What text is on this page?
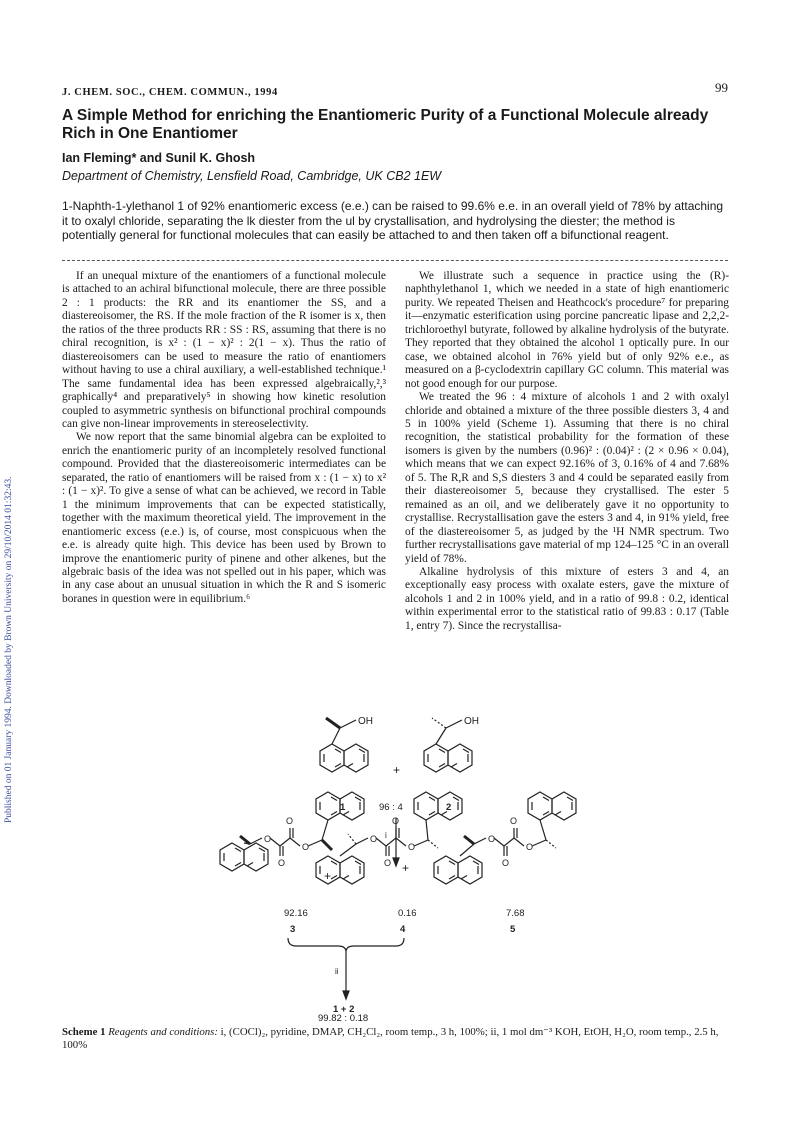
Published on 01 January 1994. Downloaded by Brown University on 29/10/2014 01:32:43.
J. CHEM. SOC., CHEM. COMMUN., 1994	99
A Simple Method for enriching the Enantiomeric Purity of a Functional Molecule already Rich in One Enantiomer
Ian Fleming* and Sunil K. Ghosh
Department of Chemistry, Lensfield Road, Cambridge, UK CB2 1EW
1-Naphth-1-ylethanol 1 of 92% enantiomeric excess (e.e.) can be raised to 99.6% e.e. in an overall yield of 78% by attaching it to oxalyl chloride, separating the lk diester from the ul by crystallisation, and hydrolysing the diester; the method is potentially general for functional molecules that can easily be attached to and then taken off a bifunctional reagent.

If an unequal mixture of the enantiomers of a functional molecule is attached to an achiral bifunctional molecule, there are three possible 2 : 1 products: the RR and its enantiomer the SS, and a diastereoisomer, the RS. If the mole fraction of the R isomer is x, then the ratios of the three products RR : SS : RS, assuming that there is no chiral recognition, is x² : (1 − x)² : 2(1 − x). Thus the ratio of diastereoisomers can be used to measure the ratio of enantiomers without having to use a chiral auxiliary, a well-established technique.¹ The same fundamental idea has been expressed algebraically,²,³ graphically⁴ and preparatively⁵ in showing how kinetic resolution coupled to asymmetric synthesis on bifunctional prochiral compounds can give non-linear improvements in stereoselectivity.

We now report that the same binomial algebra can be exploited to enrich the enantiomeric purity of an incompletely resolved functional compound. Provided that the diastereoisomeric intermediates can be separated, the ratio of enantiomers will be raised from x : (1 − x) to x² : (1 − x)². To give a sense of what can be achieved, we record in Table 1 the minimum improvements that can be expected statistically, together with the maximum theoretical yield. The improvement in the enantiomeric excess (e.e.) is, of course, most conspicuous when the e.e. is already quite high. This device has been used by Brown to improve the enantiomeric purity of pinene and other alkenes, but the algebraic basis of the idea was not spelled out in his paper, which was in any case about an unusual situation in which the R and S isomeric boranes in question were in equilibrium.⁶

We illustrate such a sequence in practice using the (R)-naphthylethanol 1, which we needed in a state of high enantiomeric purity. We repeated Theisen and Heathcock's procedure⁷ for preparing it—enzymatic esterification using porcine pancreatic lipase and 2,2,2-trichloroethyl butyrate, followed by alkaline hydrolysis of the butyrate. They reported that they obtained the alcohol 1 optically pure. In our case, we obtained alcohol in 76% yield but of only 92% e.e., as measured on a β-cyclodextrin capillary GC column. This material was not good enough for our purpose.

We treated the 96 : 4 mixture of alcohols 1 and 2 with oxalyl chloride and obtained a mixture of the three possible diesters 3, 4 and 5 in 100% yield (Scheme 1). Assuming that there is no chiral recognition, the statistical probability for the formation of these isomers is given by the numbers (0.96)² : (0.04)² : (2 × 0.96 × 0.04), which means that we can expect 92.16% of 3, 0.16% of 4 and 7.68% of 5. The R,R and S,S diesters 3 and 4 could be separated easily from their diastereoisomer 5, because they crystallised. The ester 5 remained as an oil, and we deliberately gave it no opportunity to crystallise. Recrystallisation gave the esters 3 and 4, in 91% yield, free of the diastereoisomer 5, as judged by the ¹H NMR spectrum. Two further recrystallisations gave material of mp 124–125 °C in an overall yield of 78%.

Alkaline hydrolysis of this mixture of esters 3 and 4, an exceptionally easy process with oxalate esters, gave the mixture of alcohols 1 and 2 in 100% yield, and in a ratio of 99.8 : 0.2, identical within experimental error to the statistical ratio of 99.83 : 0.17 (Table 1, entry 7). Since the recrystallisa-

OH
+
OH
1	96 : 4	2
i
O
O
O
O
+
O
O
O
O
+
O
O
O
O
92.16	0.16	7.68
3	4	5
ii
1 + 2
99.82 : 0.18
Scheme 1 Reagents and conditions: i, (COCl)₂, pyridine, DMAP, CH₂Cl₂, room temp., 3 h, 100%; ii, 1 mol dm⁻³ KOH, EtOH, H₂O, room temp., 2.5 h, 100%
